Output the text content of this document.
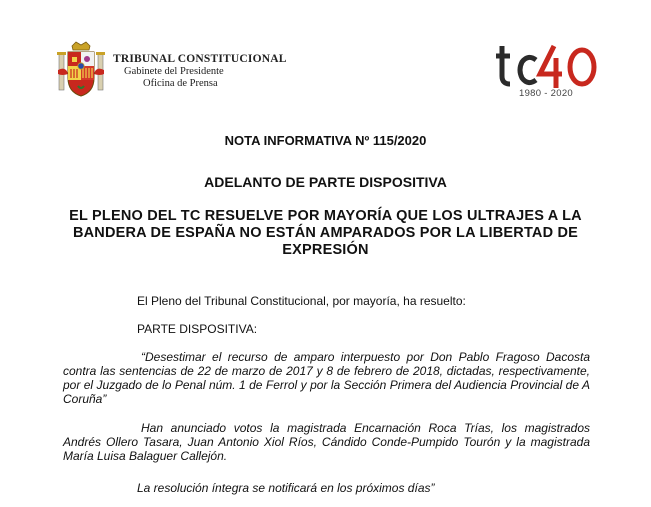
TRIBUNAL CONSTITUCIONAL
Gabinete del Presidente
Oficina de Prensa
1980 - 2020
NOTA INFORMATIVA Nº 115/2020
ADELANTO DE PARTE DISPOSITIVA
EL PLENO DEL TC RESUELVE POR MAYORÍA QUE LOS ULTRAJES A LA BANDERA DE ESPAÑA NO ESTÁN AMPARADOS POR LA LIBERTAD DE EXPRESIÓN
El Pleno del Tribunal Constitucional, por mayoría, ha resuelto:
PARTE DISPOSITIVA:
“Desestimar el recurso de amparo interpuesto por Don Pablo Fragoso Dacosta contra las sentencias de 22 de marzo de 2017 y 8 de febrero de 2018, dictadas, respectivamente, por el Juzgado de lo Penal núm. 1 de Ferrol y por la Sección Primera del Audiencia Provincial de A Coruña”
Han anunciado votos la magistrada Encarnación Roca Trías, los magistrados Andrés Ollero Tasara, Juan Antonio Xiol Ríos, Cándido Conde-Pumpido Tourón y la magistrada María Luisa Balaguer Callejón.
La resolución íntegra se notificará en los próximos días”
